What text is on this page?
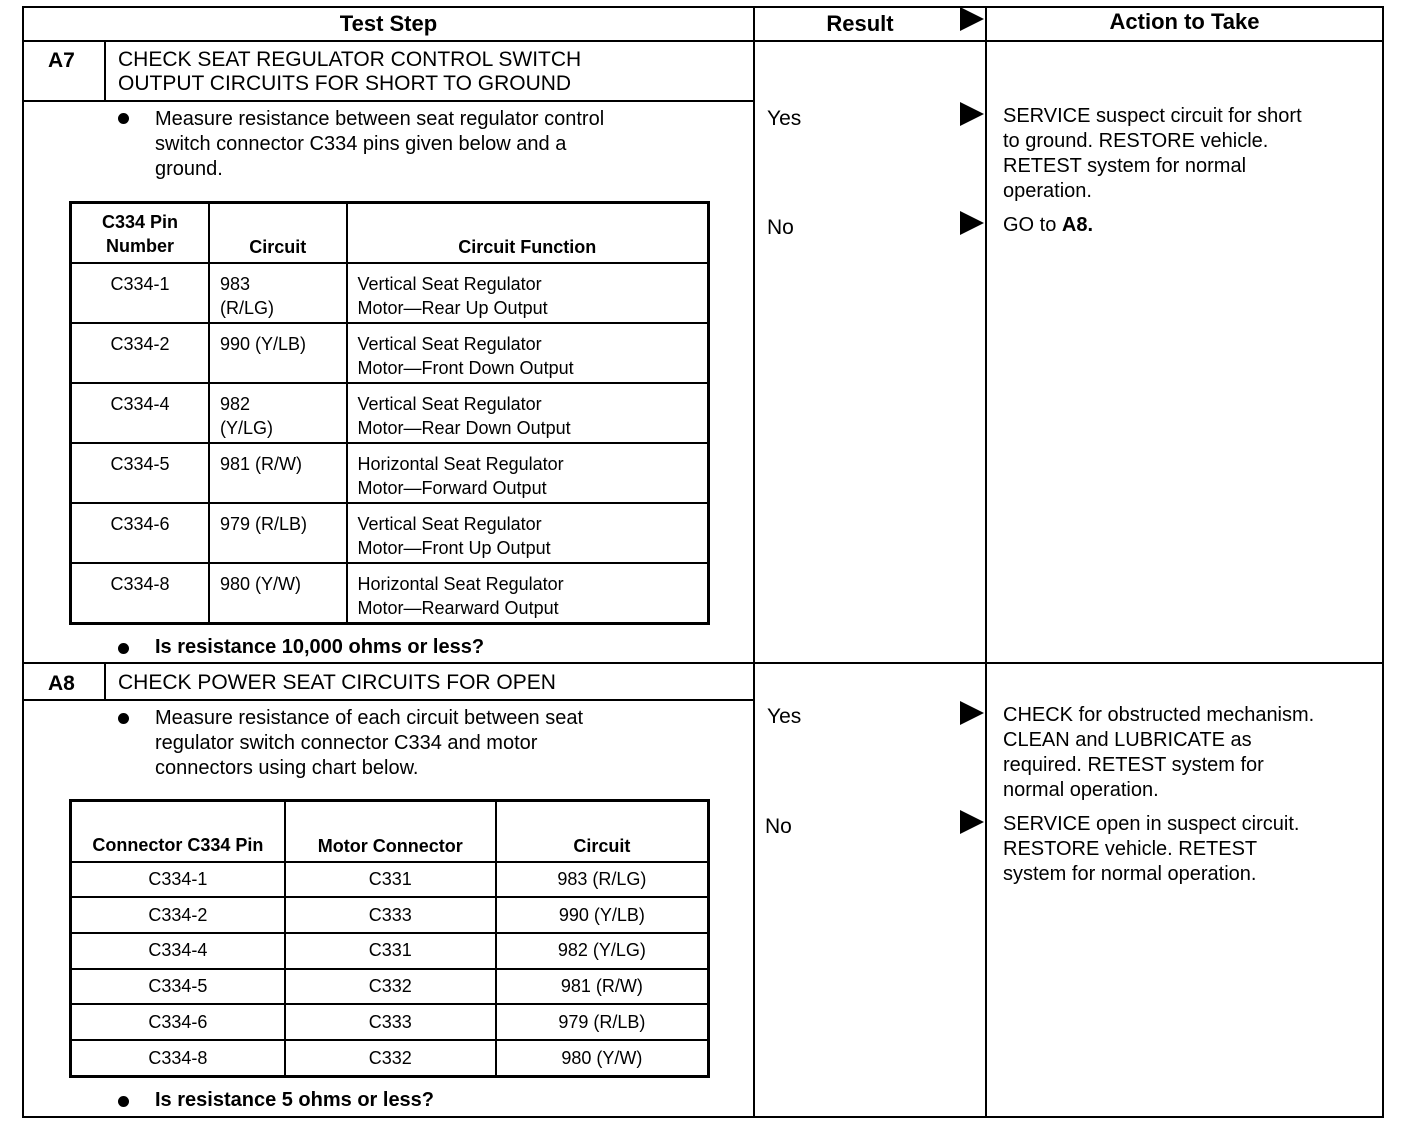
Test Step	Result	Action to Take
A7 CHECK SEAT REGULATOR CONTROL SWITCH
OUTPUT CIRCUITS FOR SHORT TO GROUND
Measure resistance between seat regulator control
switch connector C334 pins given below and a
ground.
C334 Pin Number	Circuit	Circuit Function
C334-1	983 (R/LG)	Vertical Seat Regulator Motor—Rear Up Output
C334-2	990 (Y/LB)	Vertical Seat Regulator Motor—Front Down Output
C334-4	982 (Y/LG)	Vertical Seat Regulator Motor—Rear Down Output
C334-5	981 (R/W)	Horizontal Seat Regulator Motor—Forward Output
C334-6	979 (R/LB)	Vertical Seat Regulator Motor—Front Up Output
C334-8	980 (Y/W)	Horizontal Seat Regulator Motor—Rearward Output
Is resistance 10,000 ohms or less?
Yes	SERVICE suspect circuit for short
to ground. RESTORE vehicle.
RETEST system for normal
operation.
No	GO to A8.
A8 CHECK POWER SEAT CIRCUITS FOR OPEN
Measure resistance of each circuit between seat
regulator switch connector C334 and motor
connectors using chart below.
Connector C334 Pin	Motor Connector	Circuit
C334-1	C331	983 (R/LG)
C334-2	C333	990 (Y/LB)
C334-4	C331	982 (Y/LG)
C334-5	C332	981 (R/W)
C334-6	C333	979 (R/LB)
C334-8	C332	980 (Y/W)
Is resistance 5 ohms or less?
Yes	CHECK for obstructed mechanism.
CLEAN and LUBRICATE as
required. RETEST system for
normal operation.
No	SERVICE open in suspect circuit.
RESTORE vehicle. RETEST
system for normal operation.
